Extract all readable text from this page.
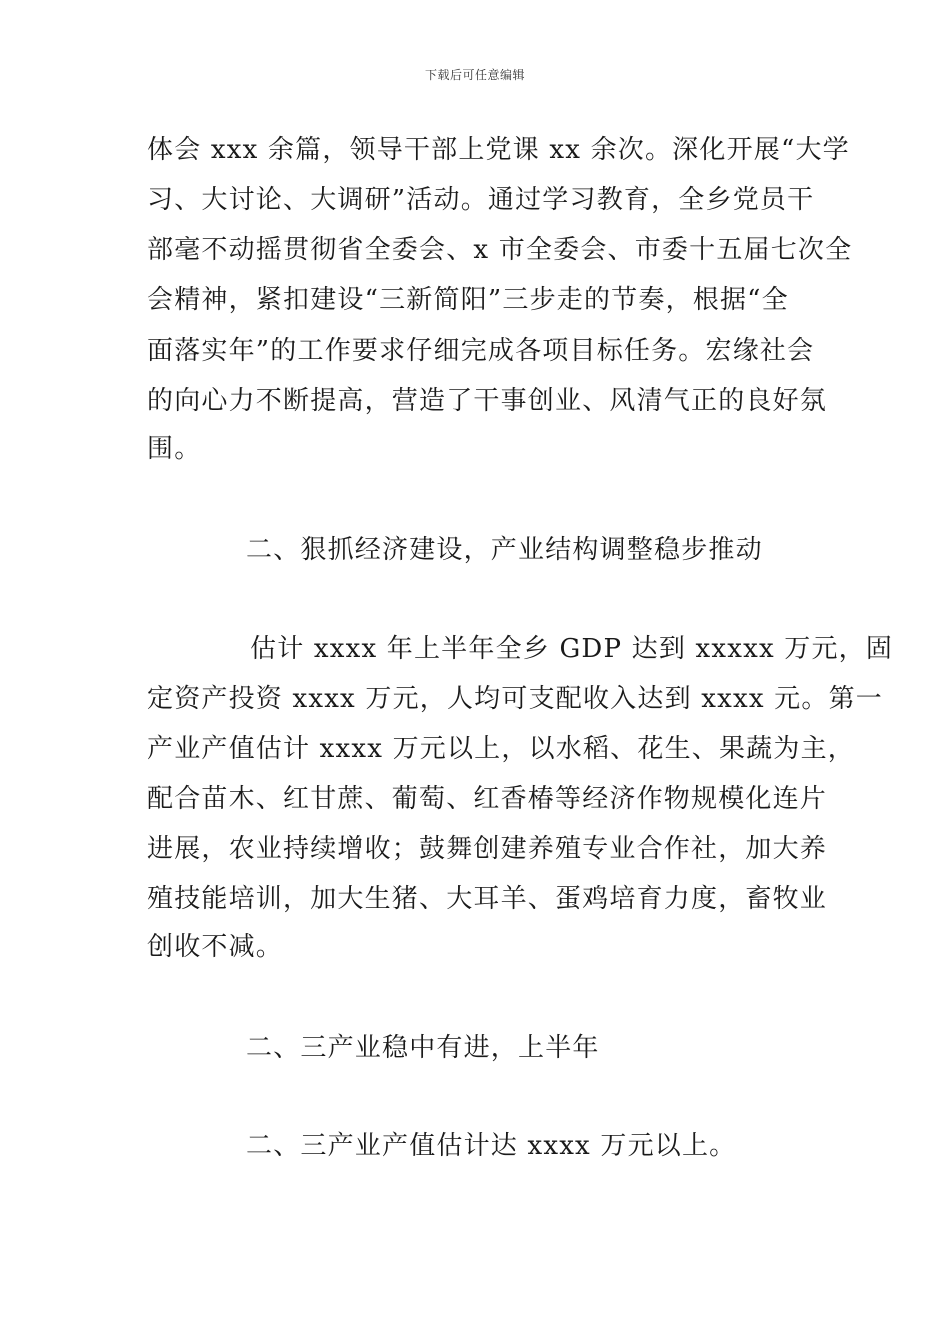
下载后可任意编辑
体会 xxx 余篇，领导干部上党课 xx 余次。深化开展“大学
习、大讨论、大调研”活动。通过学习教育，全乡党员干
部毫不动摇贯彻省全委会、x 市全委会、市委十五届七次全
会精神，紧扣建设“三新简阳”三步走的节奏，根据“全
面落实年”的工作要求仔细完成各项目标任务。宏缘社会
的向心力不断提高，营造了干事创业、风清气正的良好氛
围。
二、狠抓经济建设，产业结构调整稳步推动
估计 xxxx 年上半年全乡 GDP 达到 xxxxx 万元，固
定资产投资 xxxx 万元，人均可支配收入达到 xxxx 元。第一
产业产值估计 xxxx 万元以上，以水稻、花生、果蔬为主，
配合苗木、红甘蔗、葡萄、红香椿等经济作物规模化连片
进展，农业持续增收；鼓舞创建养殖专业合作社，加大养
殖技能培训，加大生猪、大耳羊、蛋鸡培育力度，畜牧业
创收不减。
二、三产业稳中有进，上半年
二、三产业产值估计达 xxxx 万元以上。
